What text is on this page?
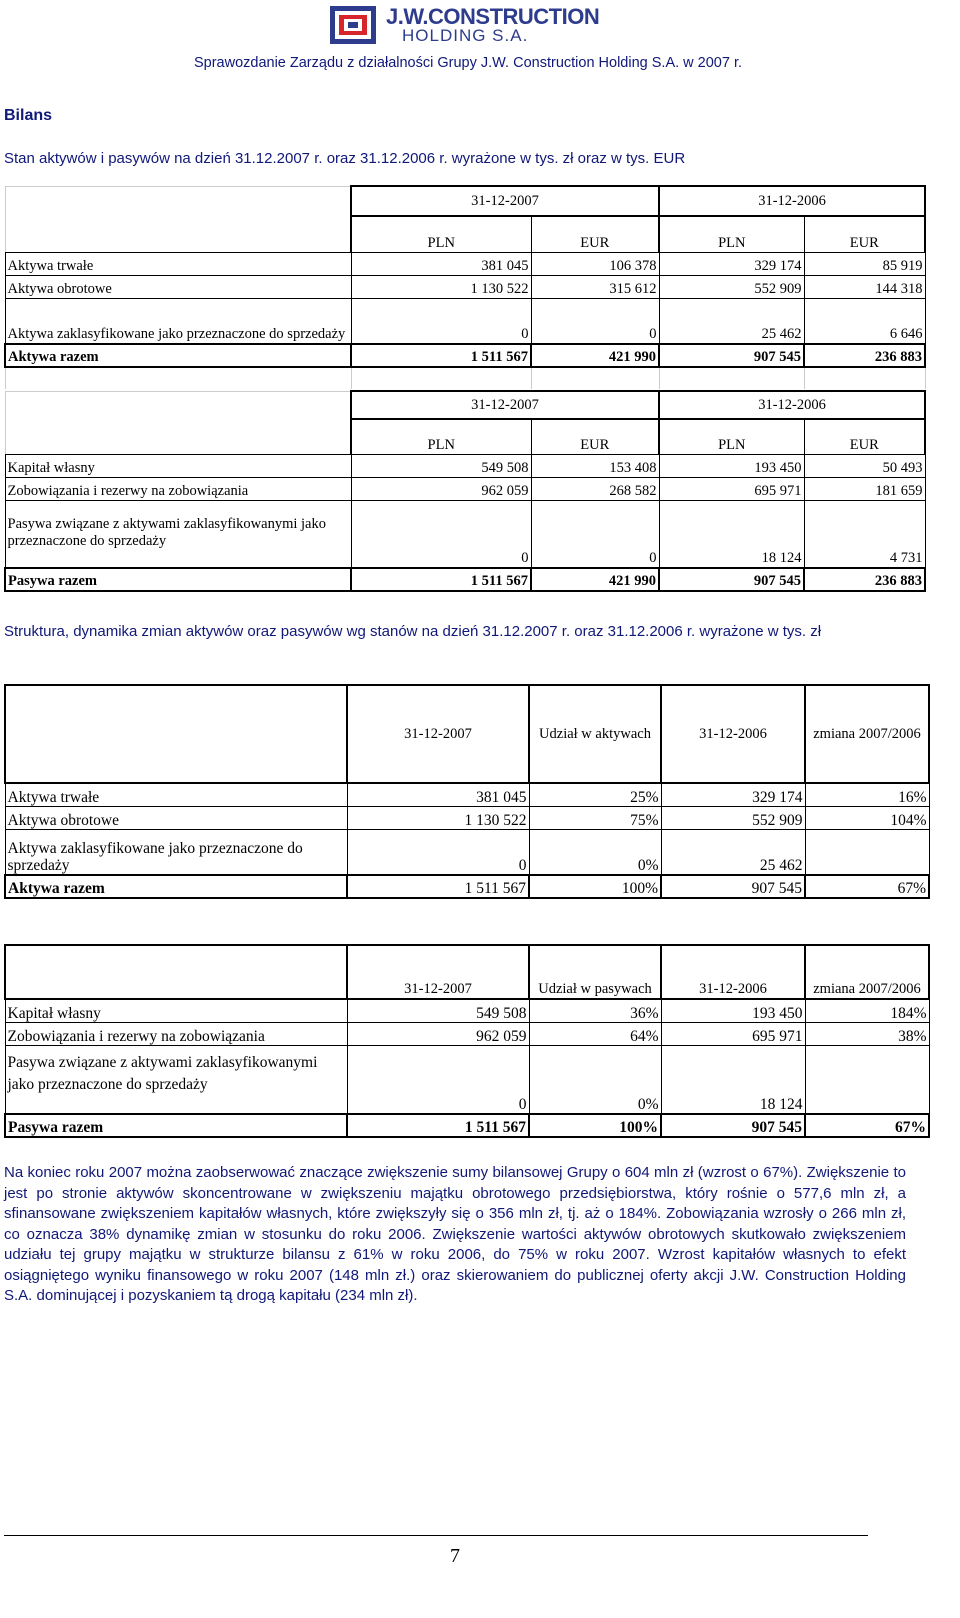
J.W.CONSTRUCTION
HOLDING S.A.
Sprawozdanie Zarządu z działalności Grupy J.W. Construction Holding S.A. w 2007 r.
Bilans
Stan aktywów i pasywów na dzień 31.12.2007 r. oraz 31.12.2006 r. wyrażone w tys. zł oraz w tys. EUR
	31-12-2007		31-12-2006	
	PLN	EUR	PLN	EUR
Aktywa trwałe	381 045	106 378	329 174	85 919
Aktywa obrotowe	1 130 522	315 612	552 909	144 318
Aktywa zaklasyfikowane jako przeznaczone do sprzedaży	0	0	25 462	6 646
Aktywa razem	1 511 567	421 990	907 545	236 883

	31-12-2007		31-12-2006	
	PLN	EUR	PLN	EUR
Kapitał własny	549 508	153 408	193 450	50 493
Zobowiązania i rezerwy na zobowiązania	962 059	268 582	695 971	181 659

Pasywa związane z aktywami zaklasyfikowanymi jako przeznaczone do sprzedaży	0	0	18 124	4 731
Pasywa razem	1 511 567	421 990	907 545	236 883
Struktura, dynamika zmian aktywów oraz pasywów wg stanów na dzień 31.12.2007 r. oraz 31.12.2006 r. wyrażone w tys. zł
	31-12-2007	Udział w aktywach	31-12-2006	zmiana 2007/2006
Aktywa trwałe	381 045	25%	329 174	16%
Aktywa obrotowe	1 130 522	75%	552 909	104%
Aktywa zaklasyfikowane jako przeznaczone do sprzedaży	0	0%	25 462	
Aktywa razem	1 511 567	100%	907 545	67%
	31-12-2007	Udział w pasywach	31-12-2006	zmiana 2007/2006
Kapitał własny	549 508	36%	193 450	184%
Zobowiązania i rezerwy na zobowiązania	962 059	64%	695 971	38%

Pasywa związane z aktywami zaklasyfikowanymi jako przeznaczone do sprzedaży	0	0%	18 124	
Pasywa razem	1 511 567	100%	907 545	67%
Na koniec roku 2007 można zaobserwować znaczące zwiększenie sumy bilansowej Grupy o 604 mln zł (wzrost o 67%). Zwiększenie to jest po stronie aktywów skoncentrowane w zwiększeniu majątku obrotowego przedsiębiorstwa, który rośnie o 577,6 mln zł, a sfinansowane zwiększeniem kapitałów własnych, które zwiększyły się o 356 mln zł, tj. aż o 184%. Zobowiązania wzrosły o 266 mln zł, co oznacza 38% dynamikę zmian w stosunku do roku 2006. Zwiększenie wartości aktywów obrotowych skutkowało zwiększeniem udziału tej grupy majątku w strukturze bilansu z 61% w roku 2006, do 75% w roku 2007. Wzrost kapitałów własnych to efekt osiągniętego wyniku finansowego w roku 2007 (148 mln zł.) oraz skierowaniem do publicznej oferty akcji J.W. Construction Holding S.A. dominującej i pozyskaniem tą drogą kapitału (234 mln zł).
7
